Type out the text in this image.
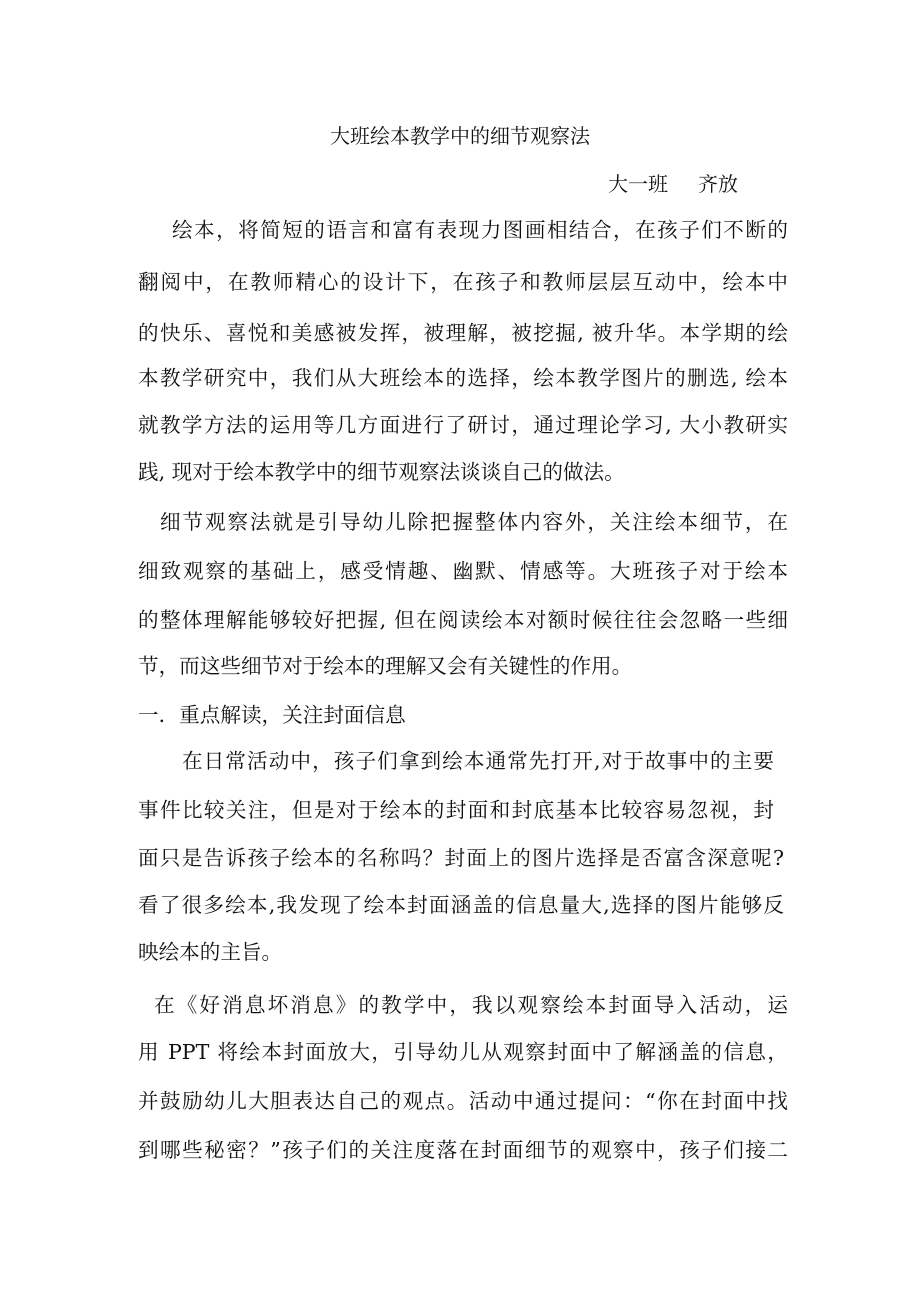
大班绘本教学中的细节观察法
大一班 齐放
绘本，将简短的语言和富有表现力图画相结合，在孩子们不断的
翻阅中，在教师精心的设计下，在孩子和教师层层互动中，绘本中
的快乐、喜悦和美感被发挥，被理解，被挖掘, 被升华。本学期的绘
本教学研究中，我们从大班绘本的选择，绘本教学图片的删选, 绘本
就教学方法的运用等几方面进行了研讨，通过理论学习, 大小教研实
践, 现对于绘本教学中的细节观察法谈谈自己的做法。
细节观察法就是引导幼儿除把握整体内容外，关注绘本细节，在
细致观察的基础上，感受情趣、幽默、情感等。大班孩子对于绘本
的整体理解能够较好把握, 但在阅读绘本对额时候往往会忽略一些细
节，而这些细节对于绘本的理解又会有关键性的作用。
一．重点解读，关注封面信息
在日常活动中，孩子们拿到绘本通常先打开,对于故事中的主要
事件比较关注，但是对于绘本的封面和封底基本比较容易忽视，封
面只是告诉孩子绘本的名称吗？封面上的图片选择是否富含深意呢?
看了很多绘本,我发现了绘本封面涵盖的信息量大,选择的图片能够反
映绘本的主旨。
在《好消息坏消息》的教学中，我以观察绘本封面导入活动，运
用 PPT 将绘本封面放大，引导幼儿从观察封面中了解涵盖的信息，
并鼓励幼儿大胆表达自己的观点。活动中通过提问：“你在封面中找
到哪些秘密？”孩子们的关注度落在封面细节的观察中，孩子们接二
